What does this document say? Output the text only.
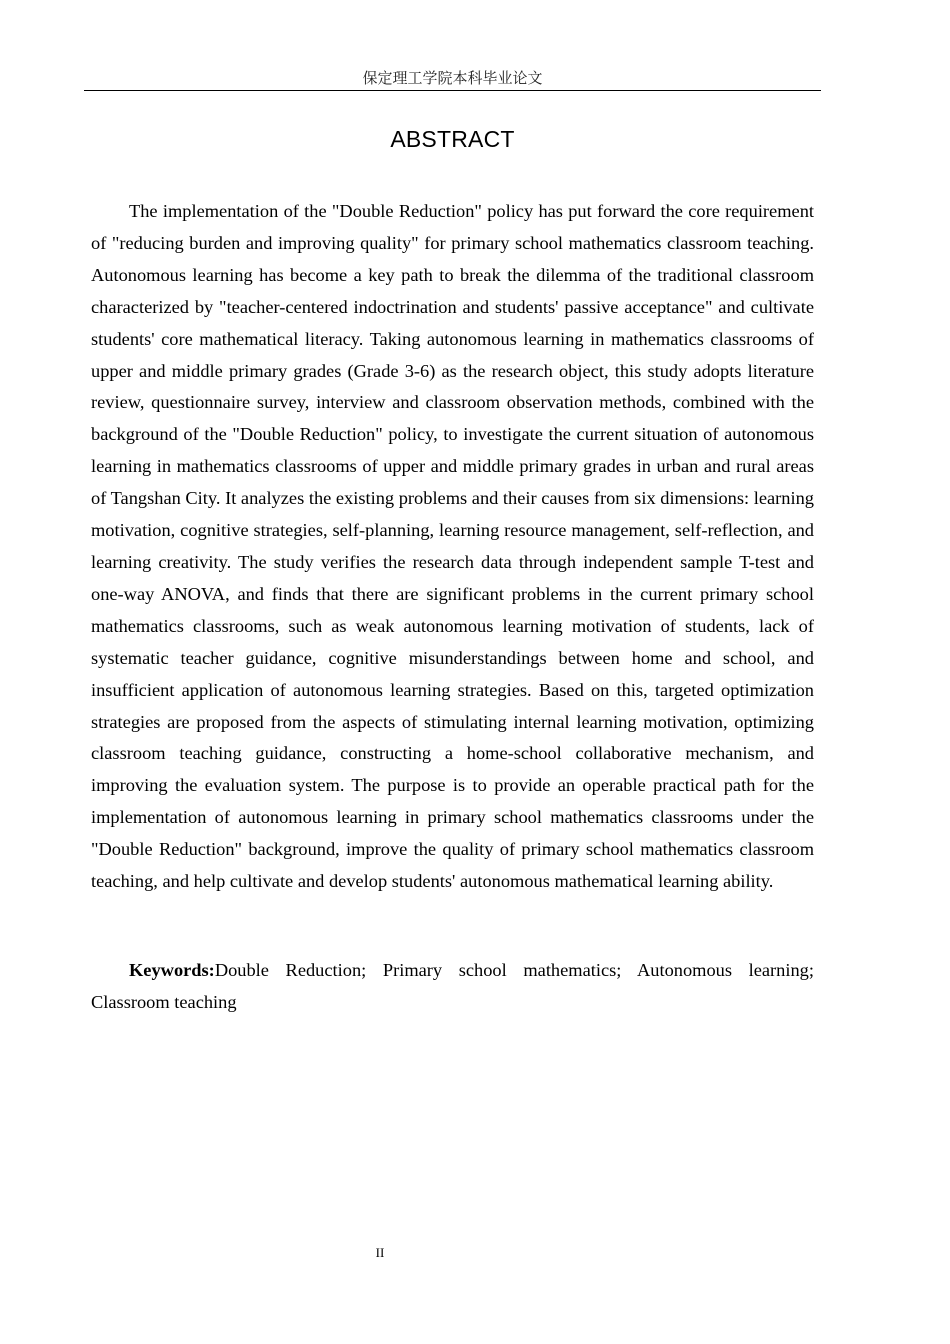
保定理工学院本科毕业论文
ABSTRACT

The implementation of the "Double Reduction" policy has put forward the core requirement of "reducing burden and improving quality" for primary school mathematics classroom teaching. Autonomous learning has become a key path to break the dilemma of the traditional classroom characterized by "teacher-centered indoctrination and students' passive acceptance" and cultivate students' core mathematical literacy. Taking autonomous learning in mathematics classrooms of upper and middle primary grades (Grade 3-6) as the research object, this study adopts literature review, questionnaire survey, interview and classroom observation methods, combined with the background of the "Double Reduction" policy, to investigate the current situation of autonomous learning in mathematics classrooms of upper and middle primary grades in urban and rural areas of Tangshan City. It analyzes the existing problems and their causes from six dimensions: learning motivation, cognitive strategies, self-planning, learning resource management, self-reflection, and learning creativity. The study verifies the research data through independent sample T-test and one-way ANOVA, and finds that there are significant problems in the current primary school mathematics classrooms, such as weak autonomous learning motivation of students, lack of systematic teacher guidance, cognitive misunderstandings between home and school, and insufficient application of autonomous learning strategies. Based on this, targeted optimization strategies are proposed from the aspects of stimulating internal learning motivation, optimizing classroom teaching guidance, constructing a home-school collaborative mechanism, and improving the evaluation system. The purpose is to provide an operable practical path for the implementation of autonomous learning in primary school mathematics classrooms under the "Double Reduction" background, improve the quality of primary school mathematics classroom teaching, and help cultivate and develop students' autonomous mathematical learning ability.

Keywords:Double Reduction; Primary school mathematics; Autonomous learning; Classroom teaching

II
